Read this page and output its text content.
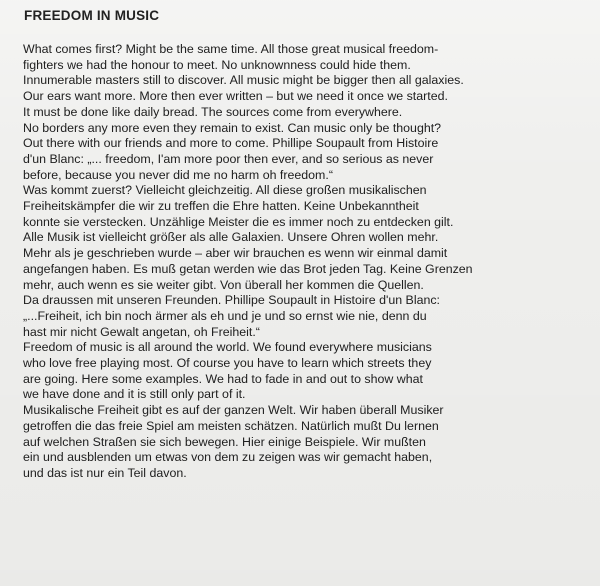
FREEDOM IN MUSIC
What comes first? Might be the same time. All those great musical freedom-
fighters we had the honour to meet. No unknownness could hide them.
Innumerable masters still to discover. All music might be bigger then all galaxies.
Our ears want more. More then ever written – but we need it once we started.
It must be done like daily bread. The sources come from everywhere.
No borders any more even they remain to exist. Can music only be thought?
Out there with our friends and more to come. Phillipe Soupault from Histoire
d'un Blanc: „... freedom, I'am more poor then ever, and so serious as never
before, because you never did me no harm oh freedom.“
Was kommt zuerst? Vielleicht gleichzeitig. All diese großen musikalischen
Freiheitskämpfer die wir zu treffen die Ehre hatten. Keine Unbekanntheit
konnte sie verstecken. Unzählige Meister die es immer noch zu entdecken gilt.
Alle Musik ist vielleicht größer als alle Galaxien. Unsere Ohren wollen mehr.
Mehr als je geschrieben wurde – aber wir brauchen es wenn wir einmal damit
angefangen haben. Es muß getan werden wie das Brot jeden Tag. Keine Grenzen
mehr, auch wenn es sie weiter gibt. Von überall her kommen die Quellen.
Da draussen mit unseren Freunden. Phillipe Soupault in Histoire d'un Blanc:
„...Freiheit, ich bin noch ärmer als eh und je und so ernst wie nie, denn du
hast mir nicht Gewalt angetan, oh Freiheit.“
Freedom of music is all around the world. We found everywhere musicians
who love free playing most. Of course you have to learn which streets they
are going. Here some examples. We had to fade in and out to show what
we have done and it is still only part of it.
Musikalische Freiheit gibt es auf der ganzen Welt. Wir haben überall Musiker
getroffen die das freie Spiel am meisten schätzen. Natürlich mußt Du lernen
auf welchen Straßen sie sich bewegen. Hier einige Beispiele. Wir mußten
ein und ausblenden um etwas von dem zu zeigen was wir gemacht haben,
und das ist nur ein Teil davon.
